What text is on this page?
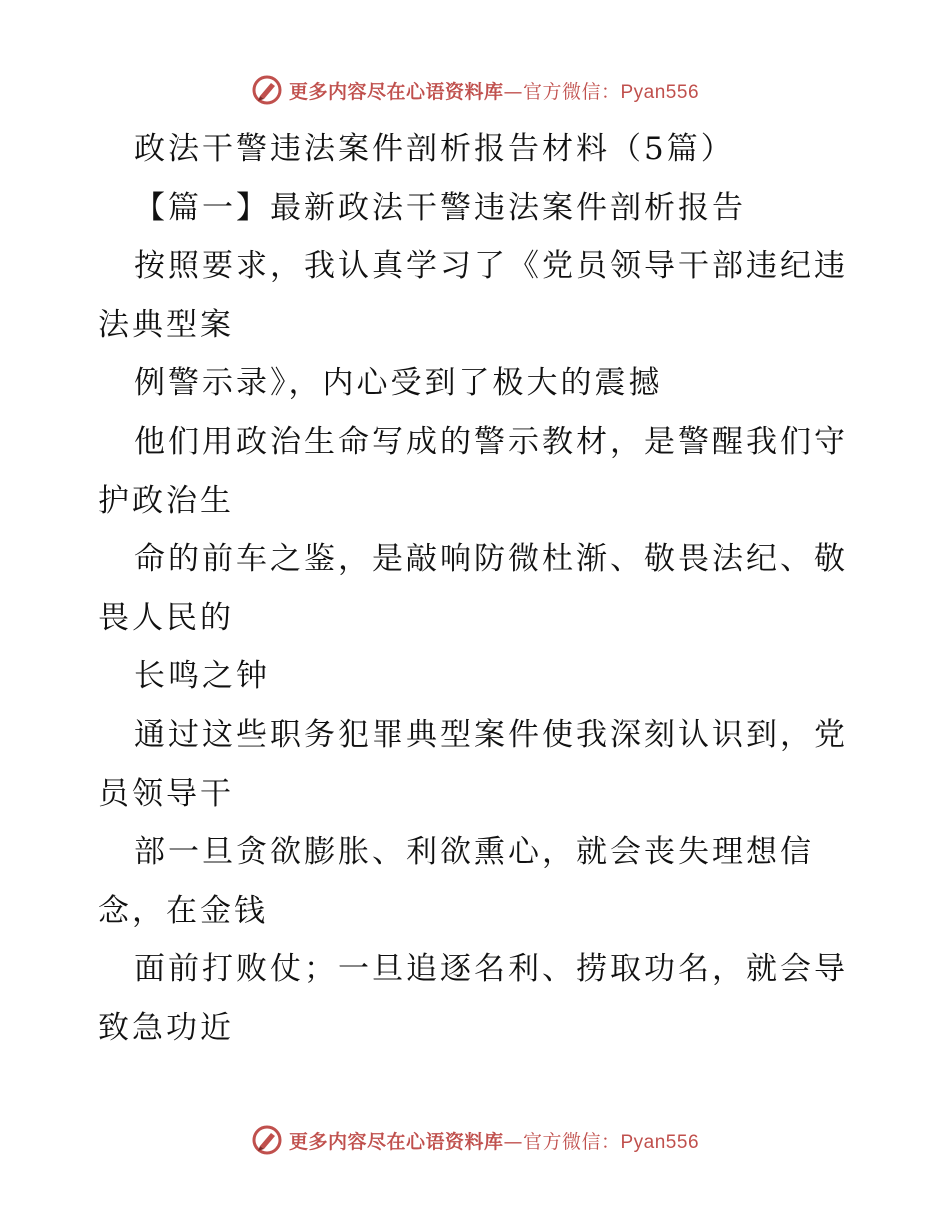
更多内容尽在心语资料库—官方微信：Pyan556
政法干警违法案件剖析报告材料（5篇）
【篇一】最新政法干警违法案件剖析报告
按照要求，我认真学习了《党员领导干部违纪违
法典型案
例警示录》，内心受到了极大的震撼
他们用政治生命写成的警示教材，是警醒我们守
护政治生
命的前车之鉴，是敲响防微杜渐、敬畏法纪、敬
畏人民的
长鸣之钟
通过这些职务犯罪典型案件使我深刻认识到，党
员领导干
部一旦贪欲膨胀、利欲熏心，就会丧失理想信
念，在金钱
面前打败仗；一旦追逐名利、捞取功名，就会导
致急功近
更多内容尽在心语资料库—官方微信：Pyan556
